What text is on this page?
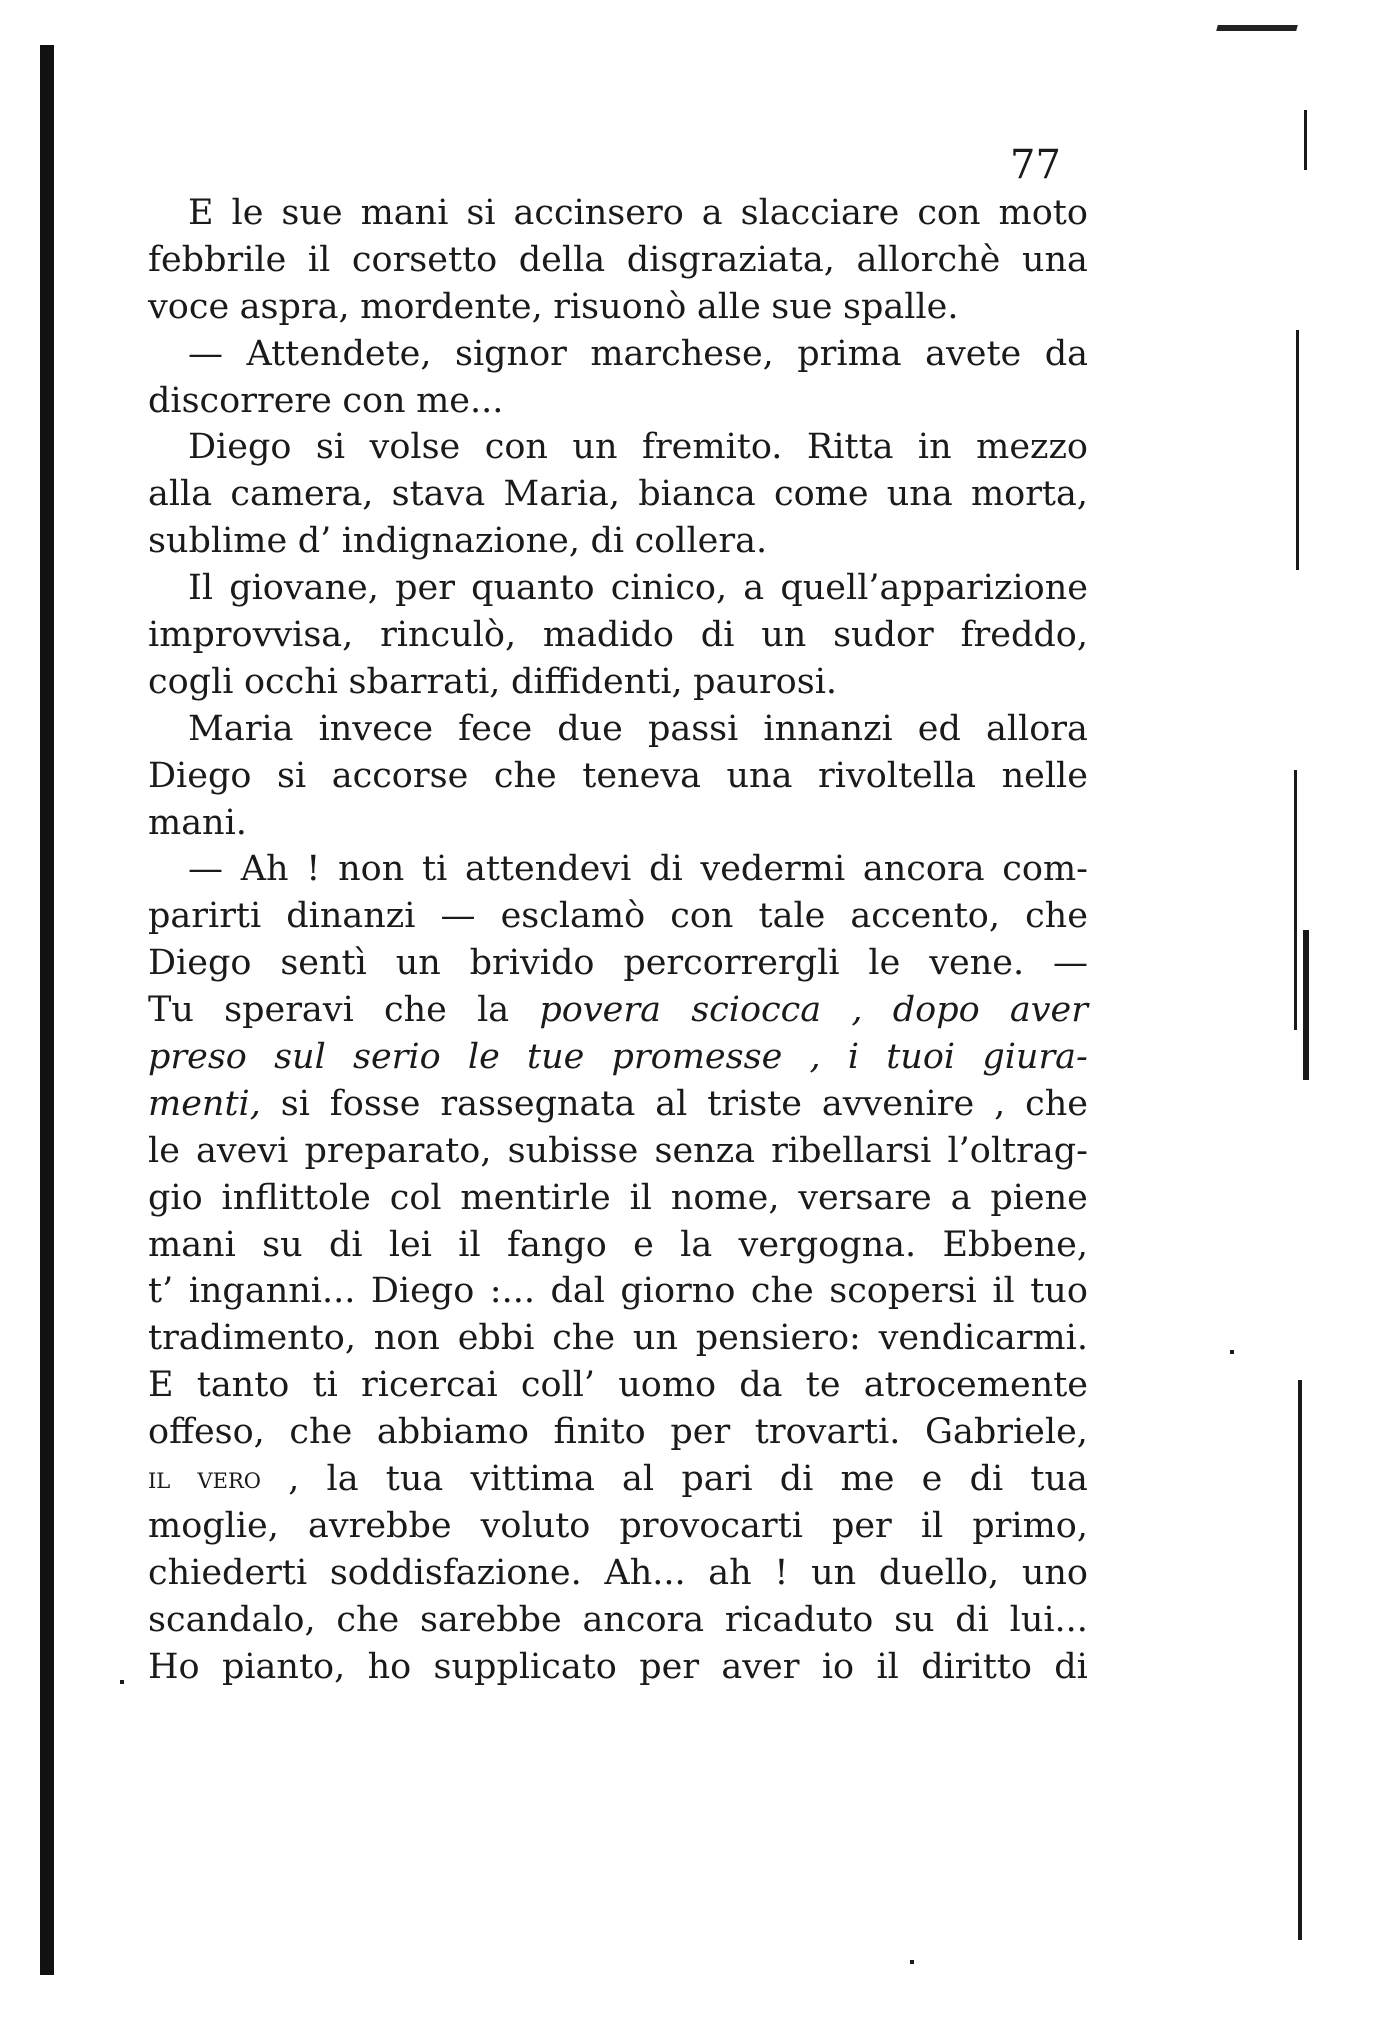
77
E le sue mani si accinsero a slacciare con moto
febbrile il corsetto della disgraziata, allorchè una
voce aspra, mordente, risuonò alle sue spalle.
— Attendete, signor marchese, prima avete da
discorrere con me...
Diego si volse con un fremito. Ritta in mezzo
alla camera, stava Maria, bianca come una morta,
sublime d’ indignazione, di collera.
Il giovane, per quanto cinico, a quell’apparizione
improvvisa, rinculò, madido di un sudor freddo,
cogli occhi sbarrati, diffidenti, paurosi.
Maria invece fece due passi innanzi ed allora
Diego si accorse che teneva una rivoltella nelle
mani.
— Ah ! non ti attendevi di vedermi ancora com-
parirti dinanzi — esclamò con tale accento, che
Diego sentì un brivido percorrergli le vene. —
Tu speravi che la povera sciocca , dopo aver
preso sul serio le tue promesse , i tuoi giura-
menti, si fosse rassegnata al triste avvenire , che
le avevi preparato, subisse senza ribellarsi l’oltrag-
gio inflittole col mentirle il nome, versare a piene
mani su di lei il fango e la vergogna. Ebbene,
t’ inganni... Diego :... dal giorno che scopersi il tuo
tradimento, non ebbi che un pensiero: vendicarmi.
E tanto ti ricercai coll’ uomo da te atrocemente
offeso, che abbiamo finito per trovarti. Gabriele,
il vero , la tua vittima al pari di me e di tua
moglie, avrebbe voluto provocarti per il primo,
chiederti soddisfazione. Ah... ah ! un duello, uno
scandalo, che sarebbe ancora ricaduto su di lui...
Ho pianto, ho supplicato per aver io il diritto di
